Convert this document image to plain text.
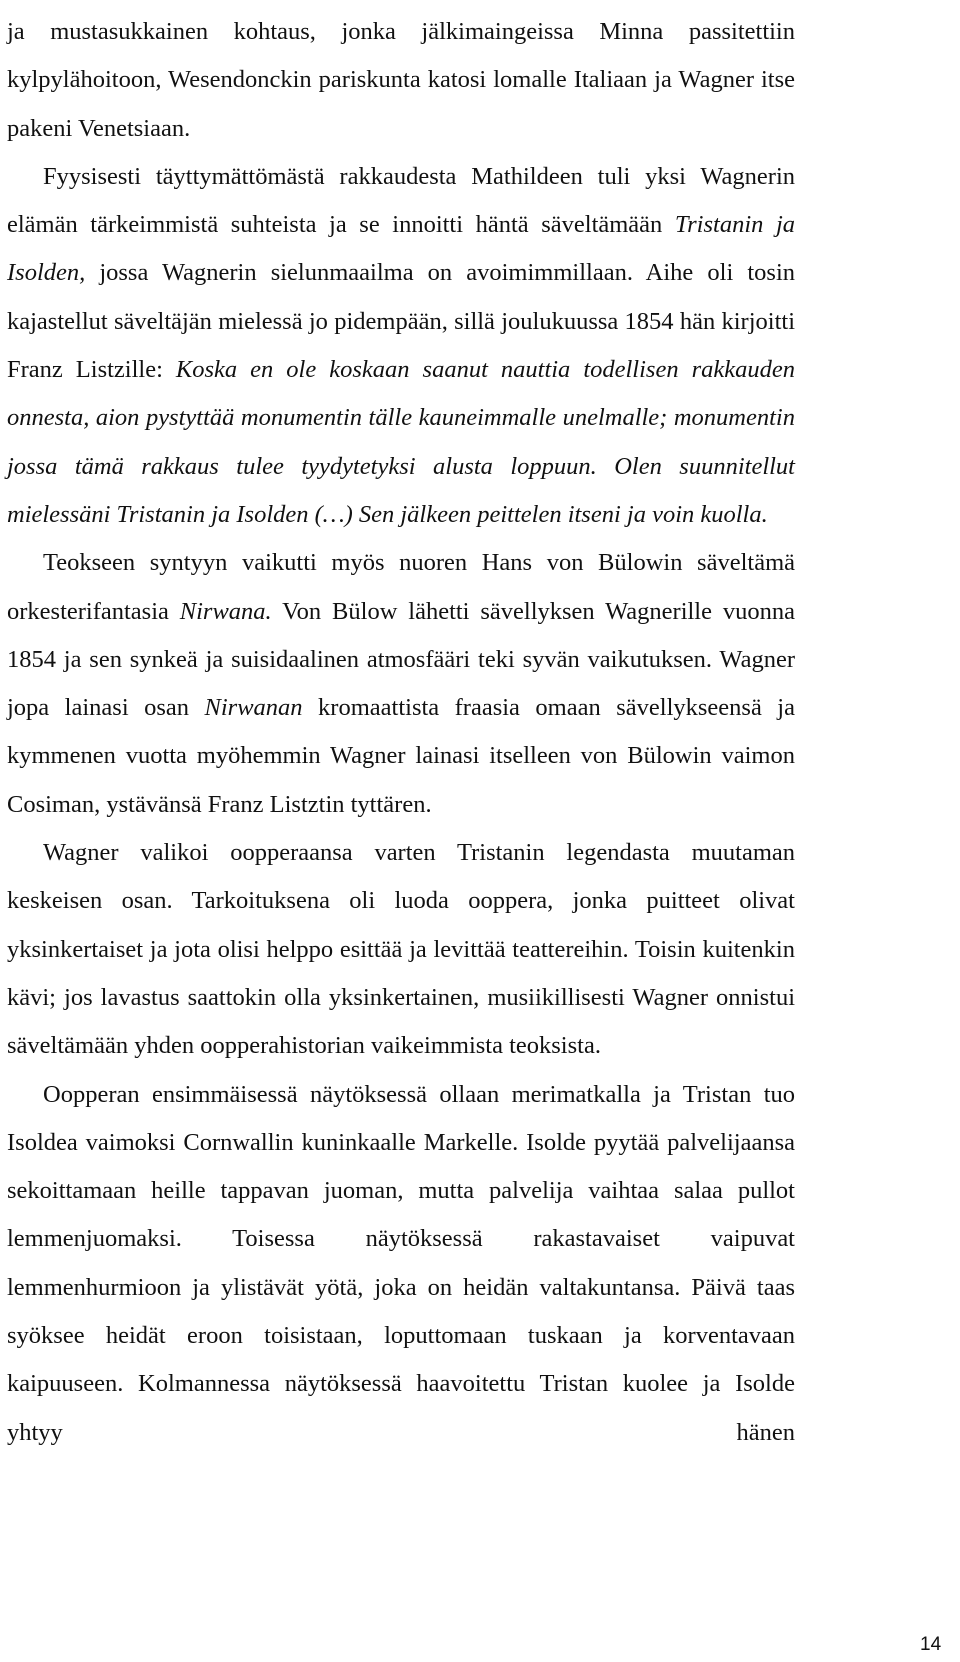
ja mustasukkainen kohtaus, jonka jälkimaingeissa Minna passitettiin kylpylähoitoon, Wesendonckin pariskunta katosi lomalle Italiaan ja Wagner itse pakeni Venetsiaan.

Fyysisesti täyttymättömästä rakkaudesta Mathildeen tuli yksi Wagnerin elämän tärkeimmistä suhteista ja se innoitti häntä säveltämään Tristanin ja Isolden, jossa Wagnerin sielunmaailma on avoimimmillaan. Aihe oli tosin kajastellut säveltäjän mielessä jo pidempään, sillä joulukuussa 1854 hän kirjoitti Franz Listzille: Koska en ole koskaan saanut nauttia todellisen rakkauden onnesta, aion pystyttää monumentin tälle kauneimmalle unelmalle; monumentin jossa tämä rakkaus tulee tyydytetyksi alusta loppuun. Olen suunnitellut mielessäni Tristanin ja Isolden (…) Sen jälkeen peittelen itseni ja voin kuolla.

Teokseen syntyyn vaikutti myös nuoren Hans von Bülowin säveltämä orkesterifantasia Nirwana. Von Bülow lähetti sävellyksen Wagnerille vuonna 1854 ja sen synkeä ja suisidaalinen atmosfääri teki syvän vaikutuksen. Wagner jopa lainasi osan Nirwanan kromaattista fraasia omaan sävellykseensä ja kymmenen vuotta myöhemmin Wagner lainasi itselleen von Bülowin vaimon Cosiman, ystävänsä Franz Listztin tyttären.

Wagner valikoi oopperaansa varten Tristanin legendasta muutaman keskeisen osan. Tarkoituksena oli luoda ooppera, jonka puitteet olivat yksinkertaiset ja jota olisi helppo esittää ja levittää teattereihin. Toisin kuitenkin kävi; jos lavastus saattokin olla yksinkertainen, musiikillisesti Wagner onnistui säveltämään yhden oopperahistorian vaikeimmista teoksista.

Oopperan ensimmäisessä näytöksessä ollaan merimatkalla ja Tristan tuo Isoldea vaimoksi Cornwallin kuninkaalle Markelle. Isolde pyytää palvelijaansa sekoittamaan heille tappavan juoman, mutta palvelija vaihtaa salaa pullot lemmenjuomaksi. Toisessa näytöksessä rakastavaiset vaipuvat lemmenhurmioon ja ylistävät yötä, joka on heidän valtakuntansa. Päivä taas syöksee heidät eroon toisistaan, loputtomaan tuskaan ja korventavaan kaipuuseen. Kolmannessa näytöksessä haavoitettu Tristan kuolee ja Isolde yhtyy hänen

14
